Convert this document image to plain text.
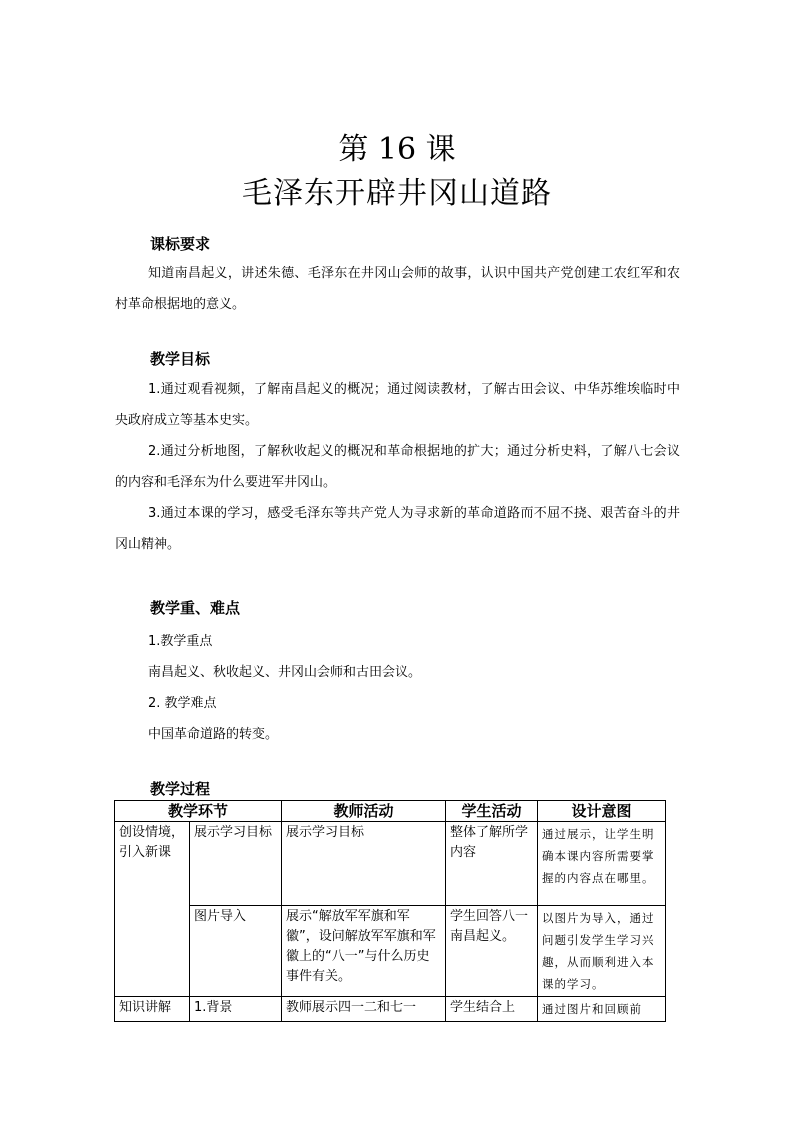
第 16 课
毛泽东开辟井冈山道路
课标要求
知道南昌起义，讲述朱德、毛泽东在井冈山会师的故事，认识中国共产党创建工农红军和农村革命根据地的意义。
教学目标
1.通过观看视频，了解南昌起义的概况；通过阅读教材，了解古田会议、中华苏维埃临时中央政府成立等基本史实。
2.通过分析地图，了解秋收起义的概况和革命根据地的扩大；通过分析史料，了解八七会议的内容和毛泽东为什么要进军井冈山。
3.通过本课的学习，感受毛泽东等共产党人为寻求新的革命道路而不屈不挠、艰苦奋斗的井冈山精神。
教学重、难点
1.教学重点
南昌起义、秋收起义、井冈山会师和古田会议。
2. 教学难点
中国革命道路的转变。
教学过程
教学环节		教师活动	学生活动	设计意图
创设情境，引入新课	展示学习目标	展示学习目标	整体了解所学内容	通过展示，让学生明确本课内容所需要掌握的内容点在哪里。
	图片导入	展示“解放军军旗和军徽”，设问解放军军旗和军徽上的“八一”与什么历史事件有关。	学生回答八一南昌起义。	以图片为导入，通过问题引发学生学习兴趣，从而顺利进入本课的学习。
知识讲解	1.背景	教师展示四一二和七一	学生结合上	通过图片和回顾前
